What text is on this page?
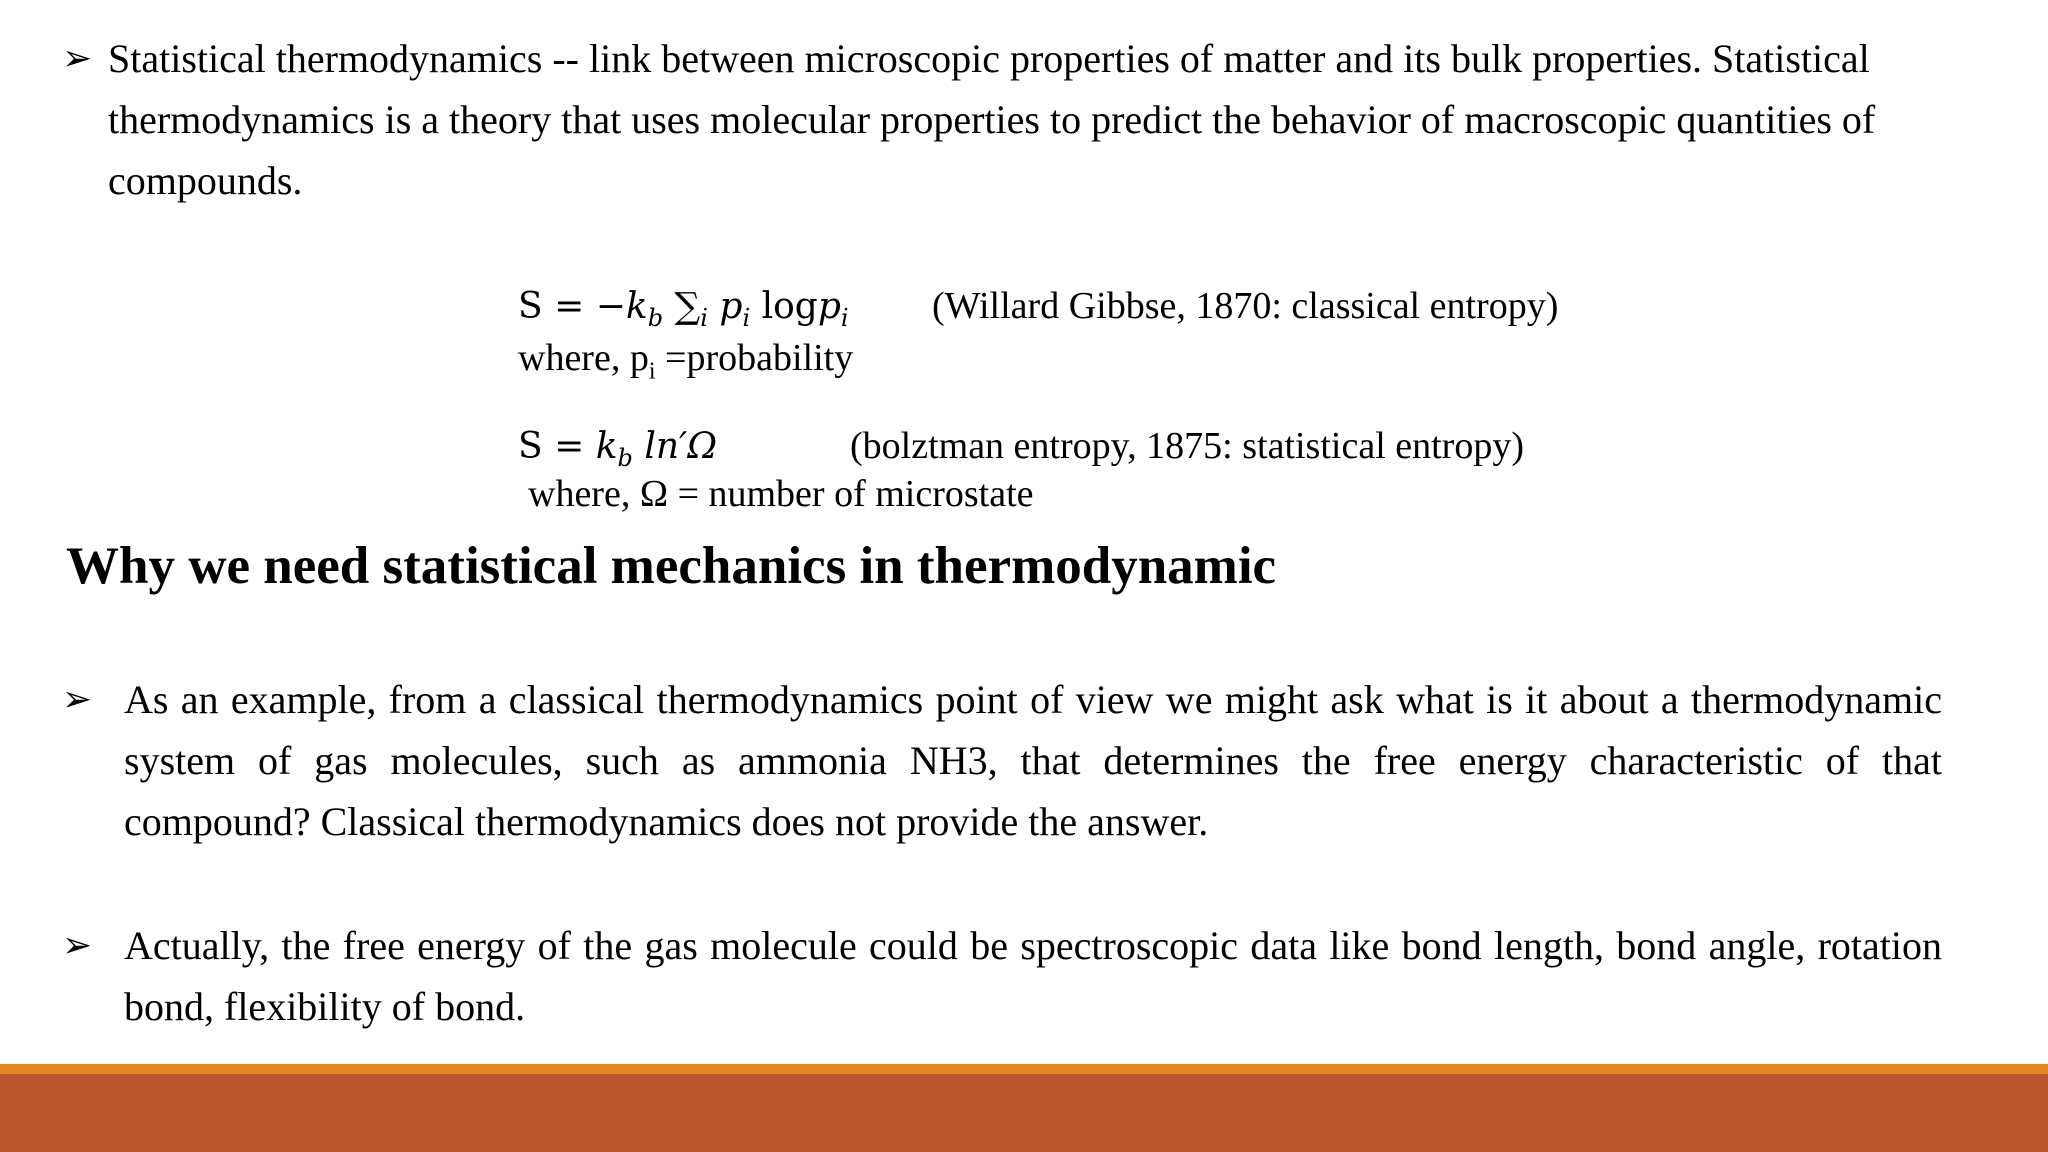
➢ Statistical thermodynamics -- link between microscopic properties of matter and its bulk properties. Statistical thermodynamics is a theory that uses molecular properties to predict the behavior of macroscopic quantities of compounds.
$S = -k_b$ $\sum_i$ $p_i$ logp$_i$ (Willard Gibbse, 1870: classical entropy)
where, $p_i$ =probability
$S = k_b$ ln′Ω	(bolztman entropy, 1875: statistical entropy)
where, Ω = number of microstate
Why we need statistical mechanics in thermodynamic
➢ As an example, from a classical thermodynamics point of view we might ask what is it about a thermodynamic system of gas molecules, such as ammonia NH3, that determines the free energy characteristic of that compound? Classical thermodynamics does not provide the answer.
➢ Actually, the free energy of the gas molecule could be spectroscopic data like bond length, bond angle, rotation bond, flexibility of bond.
